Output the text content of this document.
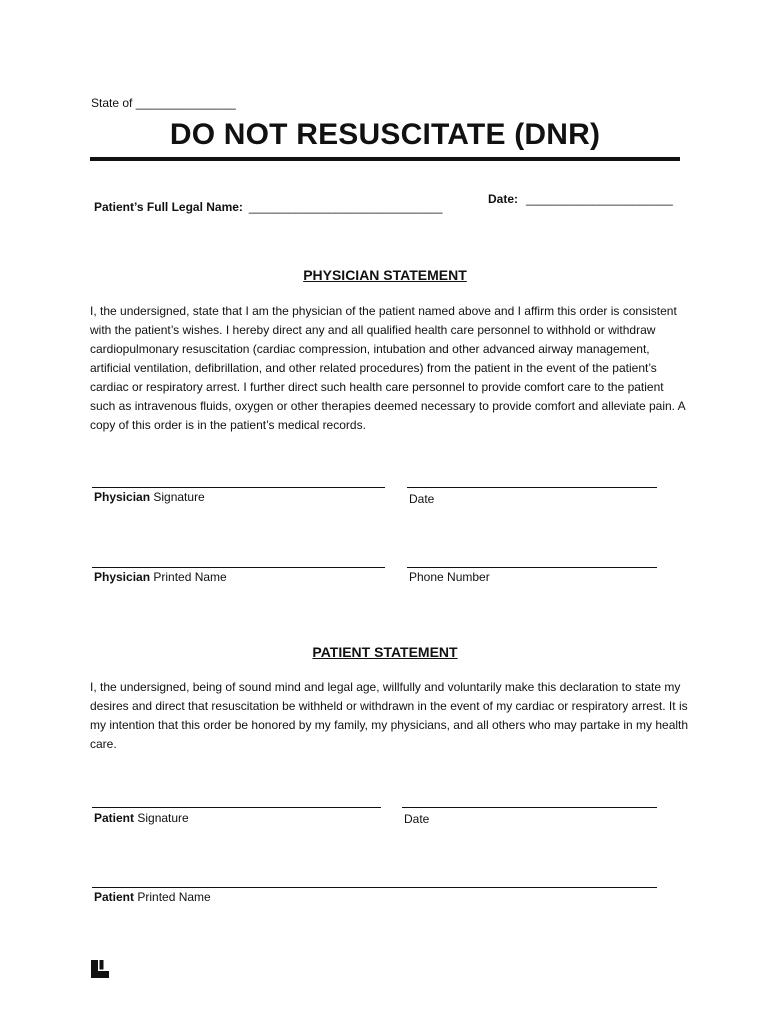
State of _______________
DO NOT RESUSCITATE (DNR)
Patient’s Full Legal Name: _____________________________
Date: ______________________
PHYSICIAN STATEMENT
I, the undersigned, state that I am the physician of the patient named above and I affirm this order is consistent with the patient’s wishes. I hereby direct any and all qualified health care personnel to withhold or withdraw cardiopulmonary resuscitation (cardiac compression, intubation and other advanced airway management, artificial ventilation, defibrillation, and other related procedures) from the patient in the event of the patient’s cardiac or respiratory arrest. I further direct such health care personnel to provide comfort care to the patient such as intravenous fluids, oxygen or other therapies deemed necessary to provide comfort and alleviate pain. A copy of this order is in the patient’s medical records.
Physician Signature	Date
Physician Printed Name	Phone Number
PATIENT STATEMENT
I, the undersigned, being of sound mind and legal age, willfully and voluntarily make this declaration to state my desires and direct that resuscitation be withheld or withdrawn in the event of my cardiac or respiratory arrest. It is my intention that this order be honored by my family, my physicians, and all others who may partake in my health care.
Patient Signature	Date
Patient Printed Name
